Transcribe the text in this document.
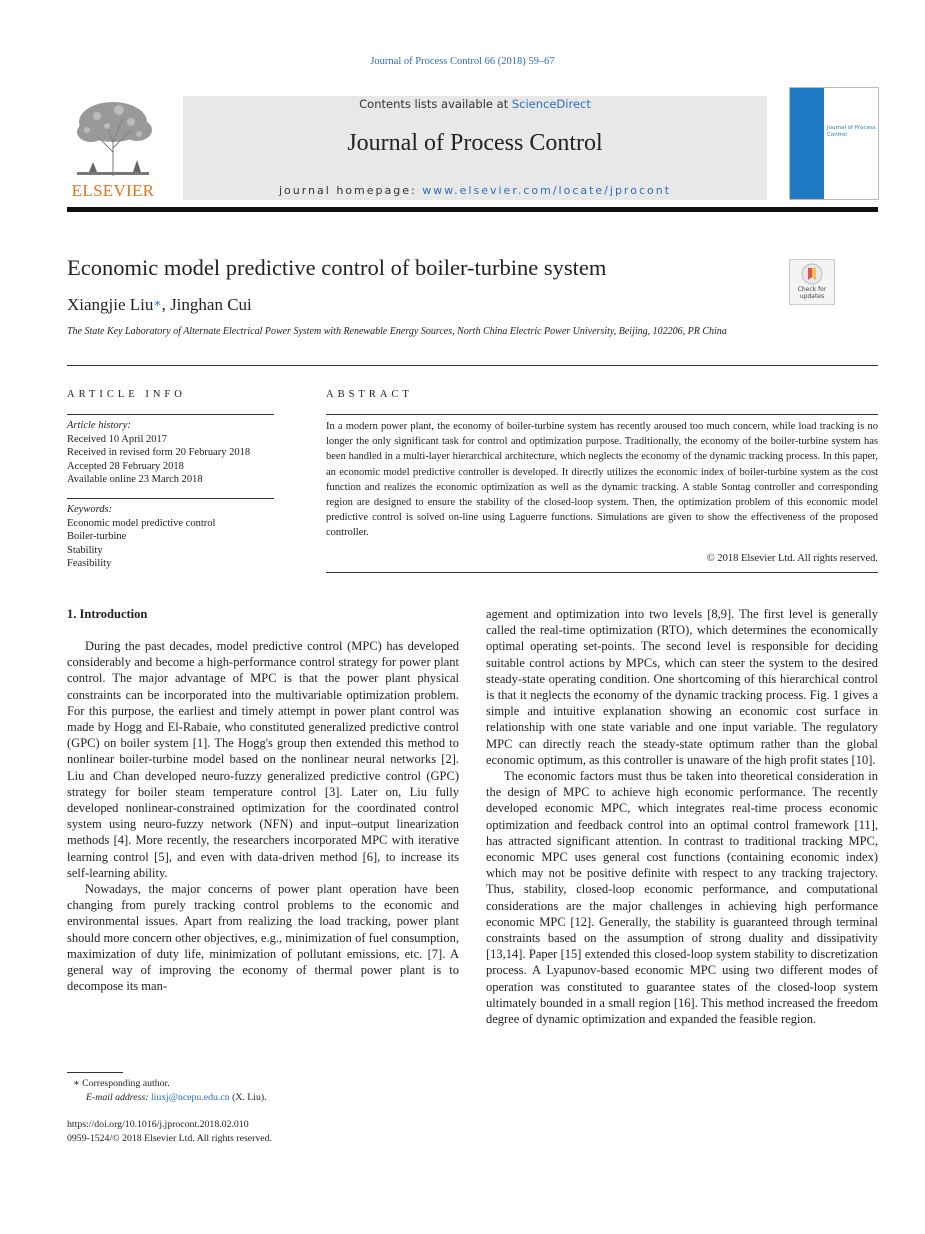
Journal of Process Control 66 (2018) 59–67
ELSEVIER
Contents lists available at ScienceDirect
Journal of Process Control
journal homepage: www.elsevier.com/locate/jprocont
Journal of Process Control
Economic model predictive control of boiler-turbine system
Xiangjie Liu∗, Jinghan Cui
The State Key Laboratory of Alternate Electrical Power System with Renewable Energy Sources, North China Electric Power University, Beijing, 102206, PR China
Check for updates
ARTICLE INFO
Article history:
Received 10 April 2017
Received in revised form 20 February 2018
Accepted 28 February 2018
Available online 23 March 2018
Keywords:
Economic model predictive control
Boiler-turbine
Stability
Feasibility
ABSTRACT
In a modern power plant, the economy of boiler-turbine system has recently aroused too much concern, while load tracking is no longer the only significant task for control and optimization purpose. Traditionally, the economy of the boiler-turbine system has been handled in a multi-layer hierarchical architecture, which neglects the economy of the dynamic tracking process. In this paper, an economic model predictive controller is developed. It directly utilizes the economic index of boiler-turbine system as the cost function and realizes the economic optimization as well as the dynamic tracking. A stable Sontag controller and corresponding region are designed to ensure the stability of the closed-loop system. Then, the optimization problem of this economic model predictive control is solved on-line using Laguerre functions. Simulations are given to show the effectiveness of the proposed controller.
© 2018 Elsevier Ltd. All rights reserved.
1. Introduction

During the past decades, model predictive control (MPC) has developed considerably and become a high-performance control strategy for power plant control. The major advantage of MPC is that the power plant physical constraints can be incorporated into the multivariable optimization problem. For this purpose, the earliest and timely attempt in power plant control was made by Hogg and El-Rabaie, who constituted generalized predictive control (GPC) on boiler system [1]. The Hogg's group then extended this method to nonlinear boiler-turbine model based on the nonlinear neural networks [2]. Liu and Chan developed neuro-fuzzy generalized predictive control (GPC) strategy for boiler steam temperature control [3]. Later on, Liu fully developed nonlinear-constrained optimization for the coordinated control system using neuro-fuzzy network (NFN) and input–output linearization methods [4]. More recently, the researchers incorporated MPC with iterative learning control [5], and even with data-driven method [6], to increase its self-learning ability.

Nowadays, the major concerns of power plant operation have been changing from purely tracking control problems to the economic and environmental issues. Apart from realizing the load tracking, power plant should more concern other objectives, e.g., minimization of fuel consumption, maximization of duty life, minimization of pollutant emissions, etc. [7]. A general way of improving the economy of thermal power plant is to decompose its man-

agement and optimization into two levels [8,9]. The first level is generally called the real-time optimization (RTO), which determines the economically optimal operating set-points. The second level is responsible for deciding suitable control actions by MPCs, which can steer the system to the desired steady-state operating condition. One shortcoming of this hierarchical control is that it neglects the economy of the dynamic tracking process. Fig. 1 gives a simple and intuitive explanation showing an economic cost surface in relationship with one state variable and one input variable. The regulatory MPC can directly reach the steady-state optimum rather than the global economic optimum, as this controller is unaware of the high profit states [10].

The economic factors must thus be taken into theoretical consideration in the design of MPC to achieve high economic performance. The recently developed economic MPC, which integrates real-time process economic optimization and feedback control into an optimal control framework [11], has attracted significant attention. In contrast to traditional tracking MPC, economic MPC uses general cost functions (containing economic index) which may not be positive definite with respect to any tracking trajectory. Thus, stability, closed-loop economic performance, and computational considerations are the major challenges in achieving high performance economic MPC [12]. Generally, the stability is guaranteed through terminal constraints based on the assumption of strong duality and dissipativity [13,14]. Paper [15] extended this closed-loop system stability to discretization process. A Lyapunov-based economic MPC using two different modes of operation was constituted to guarantee states of the closed-loop system ultimately bounded in a small region [16]. This method increased the freedom degree of dynamic optimization and expanded the feasible region.

∗ Corresponding author.
E-mail address: liuxj@ncepu.edu.cn (X. Liu).
https://doi.org/10.1016/j.jprocont.2018.02.010
0959-1524/© 2018 Elsevier Ltd. All rights reserved.
